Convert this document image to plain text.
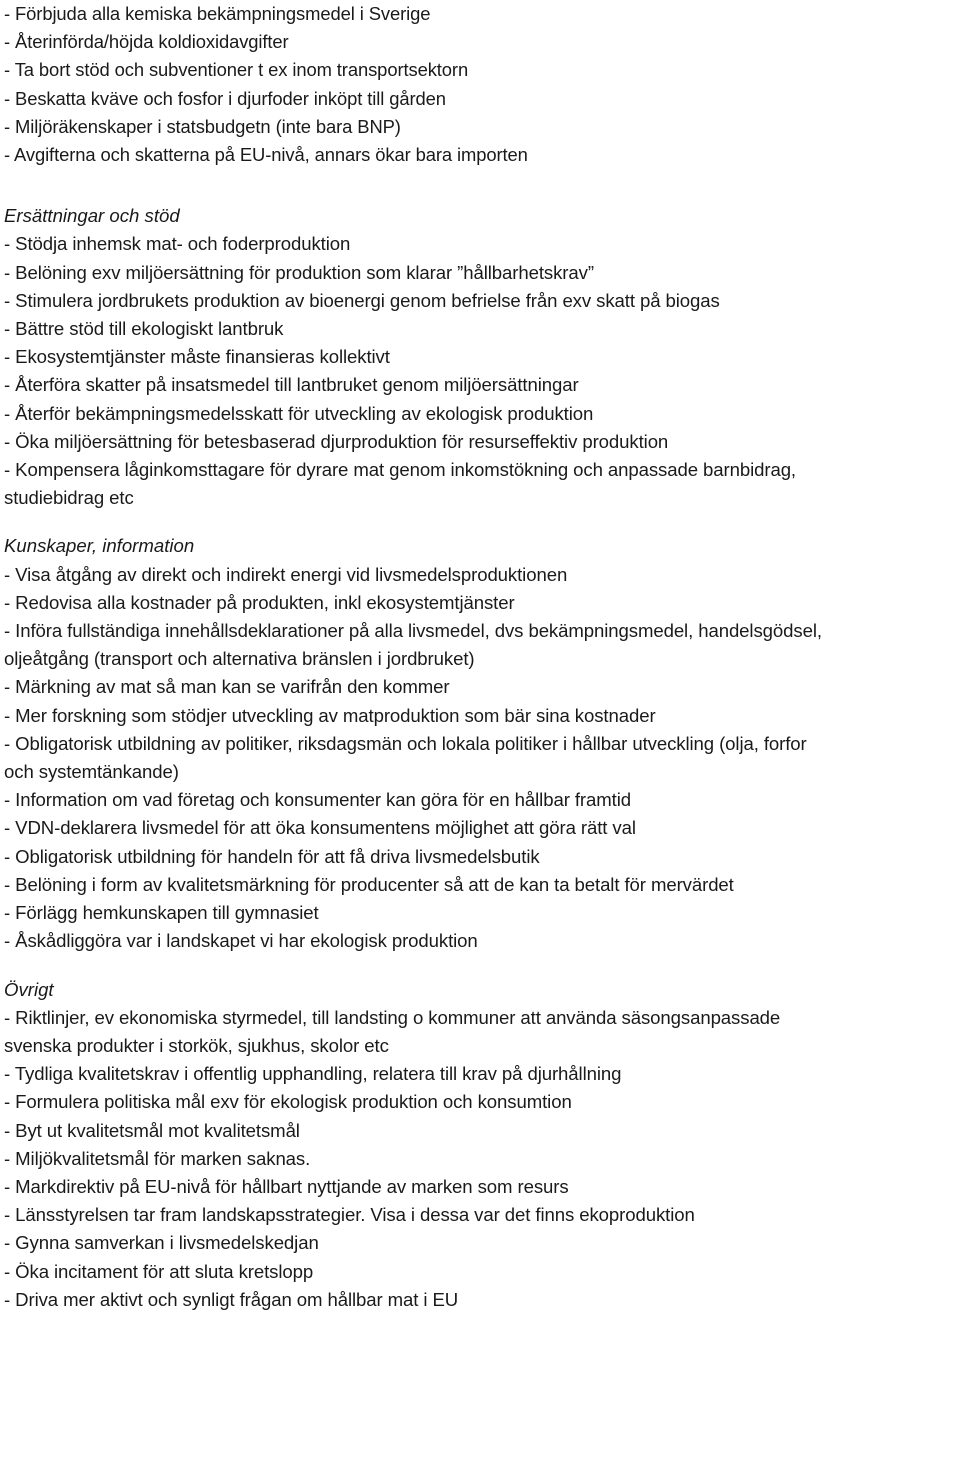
- Förbjuda alla kemiska bekämpningsmedel i Sverige
- Återinförda/höjda koldioxidavgifter
- Ta bort stöd och subventioner t ex inom transportsektorn
- Beskatta kväve och fosfor i djurfoder inköpt till gården
- Miljöräkenskaper i statsbudgetn (inte bara BNP)
- Avgifterna och skatterna på EU-nivå, annars ökar bara importen
Ersättningar och stöd
- Stödja inhemsk mat- och foderproduktion
- Belöning exv miljöersättning för produktion som klarar ”hållbarhetskrav”
- Stimulera jordbrukets produktion av bioenergi genom befrielse från exv skatt på biogas
- Bättre stöd till ekologiskt lantbruk
- Ekosystemtjänster måste finansieras kollektivt
- Återföra skatter på insatsmedel till lantbruket genom miljöersättningar
- Återför bekämpningsmedelsskatt för utveckling av ekologisk produktion
- Öka miljöersättning för betesbaserad djurproduktion för resurseffektiv produktion
- Kompensera låginkomsttagare för dyrare mat genom inkomstökning och anpassade barnbidrag,
studiebidrag etc
Kunskaper, information
- Visa åtgång av direkt och indirekt energi vid livsmedelsproduktionen
- Redovisa alla kostnader på produkten, inkl ekosystemtjänster
- Införa fullständiga innehållsdeklarationer på alla livsmedel, dvs bekämpningsmedel, handelsgödsel,
oljeåtgång (transport och alternativa bränslen i jordbruket)
- Märkning av mat så man kan se varifrån den kommer
- Mer forskning som stödjer utveckling av matproduktion som bär sina kostnader
- Obligatorisk utbildning av politiker, riksdagsmän och lokala politiker i hållbar utveckling (olja, forfor
och systemtänkande)
- Information om vad företag och konsumenter kan göra för en hållbar framtid
- VDN-deklarera livsmedel för att öka konsumentens möjlighet att göra rätt val
- Obligatorisk utbildning för handeln för att få driva livsmedelsbutik
- Belöning i form av kvalitetsmärkning för producenter så att de kan ta betalt för mervärdet
- Förlägg hemkunskapen till gymnasiet
- Åskådliggöra var i landskapet vi har ekologisk produktion
Övrigt
- Riktlinjer, ev ekonomiska styrmedel, till landsting o kommuner att använda säsongsanpassade
svenska produkter i storkök, sjukhus, skolor etc
- Tydliga kvalitetskrav i offentlig upphandling, relatera till krav på djurhållning
- Formulera politiska mål exv för ekologisk produktion och konsumtion
- Byt ut kvalitetsmål mot kvalitetsmål
- Miljökvalitetsmål för marken saknas.
- Markdirektiv på EU-nivå för hållbart nyttjande av marken som resurs
- Länsstyrelsen tar fram landskapsstrategier. Visa i dessa var det finns ekoproduktion
- Gynna samverkan i livsmedelskedjan
- Öka incitament för att sluta kretslopp
- Driva mer aktivt och synligt frågan om hållbar mat i EU
